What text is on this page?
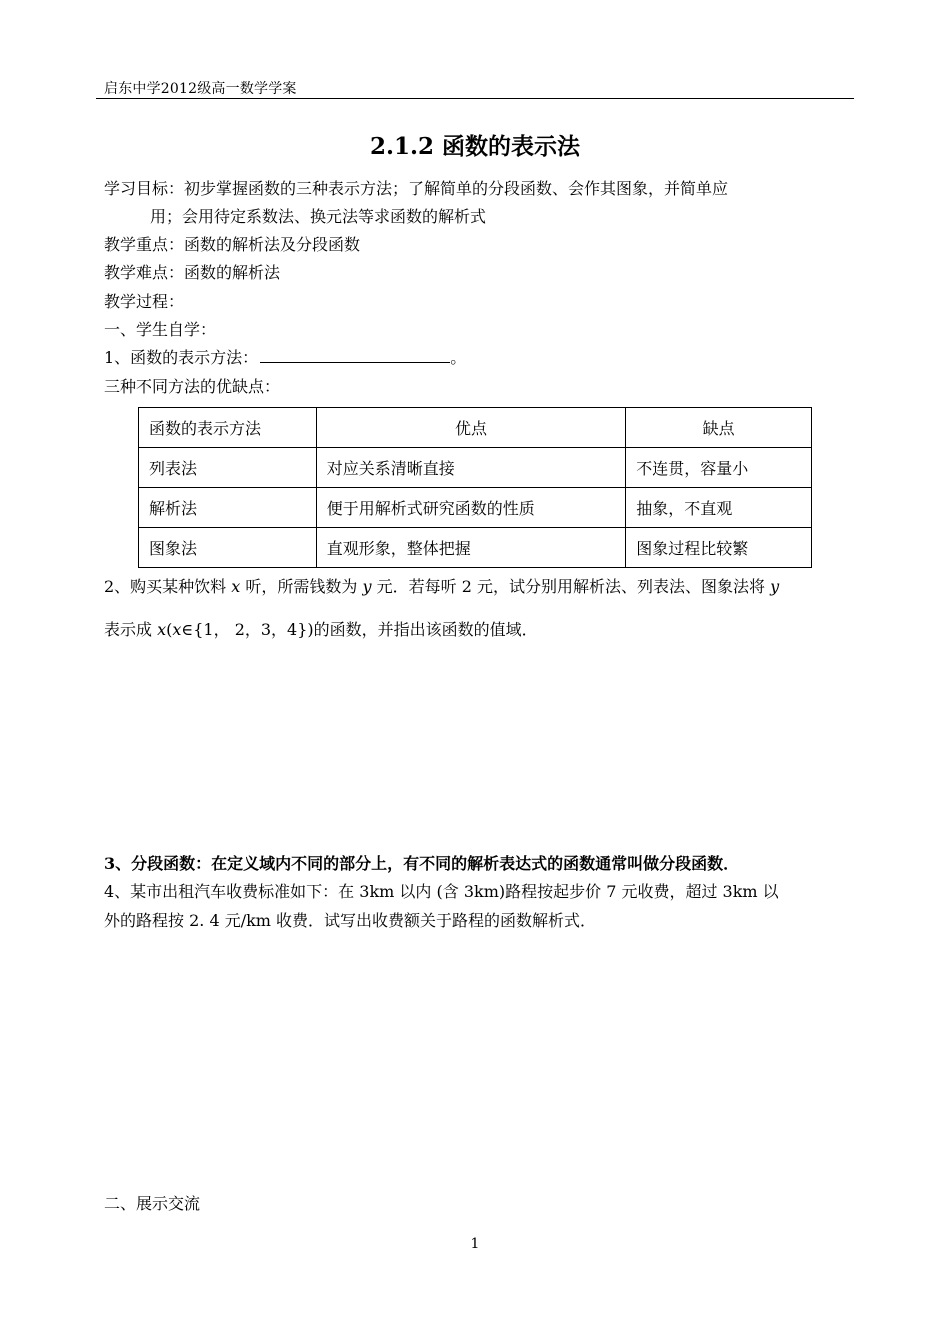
启东中学2012级高一数学学案
2.1.2 函数的表示法
学习目标：初步掌握函数的三种表示方法；了解简单的分段函数、会作其图象，并简单应
用；会用待定系数法、换元法等求函数的解析式
教学重点：函数的解析法及分段函数
教学难点：函数的解析法
教学过程：
一、学生自学：
1、函数的表示方法：	。
三种不同方法的优缺点：
函数的表示方法	优点	缺点
列表法	对应关系清晰直接	不连贯，容量小
解析法	便于用解析式研究函数的性质	抽象，不直观
图象法	直观形象，整体把握	图象过程比较繁
2、购买某种饮料 x 听，所需钱数为 y 元．若每听 2 元，试分别用解析法、列表法、图象法将 y
表示成 x(x∈{1， 2，3，4})的函数，并指出该函数的值域．
3、分段函数：在定义域内不同的部分上，有不同的解析表达式的函数通常叫做分段函数．
4、某市出租汽车收费标准如下：在 3km 以内 (含 3km)路程按起步价 7 元收费，超过 3km 以
外的路程按 2. 4 元/km 收费．试写出收费额关于路程的函数解析式．
二、展示交流
1
